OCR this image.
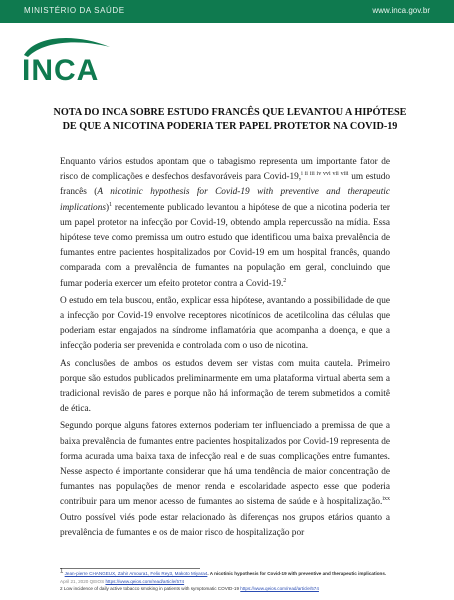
MINISTÉRIO DA SAÚDE	www.inca.gov.br
INCA
NOTA DO INCA SOBRE ESTUDO FRANCÊS QUE LEVANTOU A HIPÓTESE
DE QUE A NICOTINA PODERIA TER PAPEL PROTETOR NA COVID-19

Enquanto vários estudos apontam que o tabagismo representa um importante fator de risco de complicações e desfechos desfavoráveis para Covid-19,$^{i ii iii iv vvi vii viii}$ um estudo francês (A nicotinic hypothesis for Covid-19 with preventive and therapeutic implications)$^1$ recentemente publicado levantou a hipótese de que a nicotina poderia ter um papel protetor na infecção por Covid-19, obtendo ampla repercussão na mídia. Essa hipótese teve como premissa um outro estudo que identificou uma baixa prevalência de fumantes entre pacientes hospitalizados por Covid-19 em um hospital francês, quando comparada com a prevalência de fumantes na população em geral, concluindo que fumar poderia exercer um efeito protetor contra a Covid-19.$^2$

O estudo em tela buscou, então, explicar essa hipótese, avantando a possibilidade de que a infecção por Covid-19 envolve receptores nicotínicos de acetilcolina das células que poderiam estar engajados na síndrome inflamatória que acompanha a doença, e que a infecção poderia ser prevenida e controlada com o uso de nicotina.

As conclusões de ambos os estudos devem ser vistas com muita cautela. Primeiro porque são estudos publicados preliminarmente em uma plataforma virtual aberta sem a tradicional revisão de pares e porque não há informação de terem submetidos a comitê de ética.

Segundo porque alguns fatores externos poderiam ter influenciado a premissa de que a baixa prevalência de fumantes entre pacientes hospitalizados por Covid-19 representa de forma acurada uma baixa taxa de infecção real e de suas complicações entre fumantes. Nesse aspecto é importante considerar que há uma tendência de maior concentração de fumantes nas populações de menor renda e escolaridade aspecto esse que poderia contribuir para um menor acesso de fumantes ao sistema de saúde e à hospitalização.$^{ixx}$ Outro possível viés pode estar relacionado às diferenças nos grupos etários quanto a prevalência de fumantes e os de maior risco de hospitalização por

$^1$ Jean-pierre CHANGEUX, Zahir Amoura1, Felix Rey3, Makoto Miyara4. A nicotinic hypothesis for Covid-19 with preventive and therapeutic implications.
April 21, 2020 QEIOS https://www.qeios.com/read/article/574
2 Low incidence of daily active tobacco smoking in patients with symptomatic COVID-19 https://www.qeios.com/read/article/574
